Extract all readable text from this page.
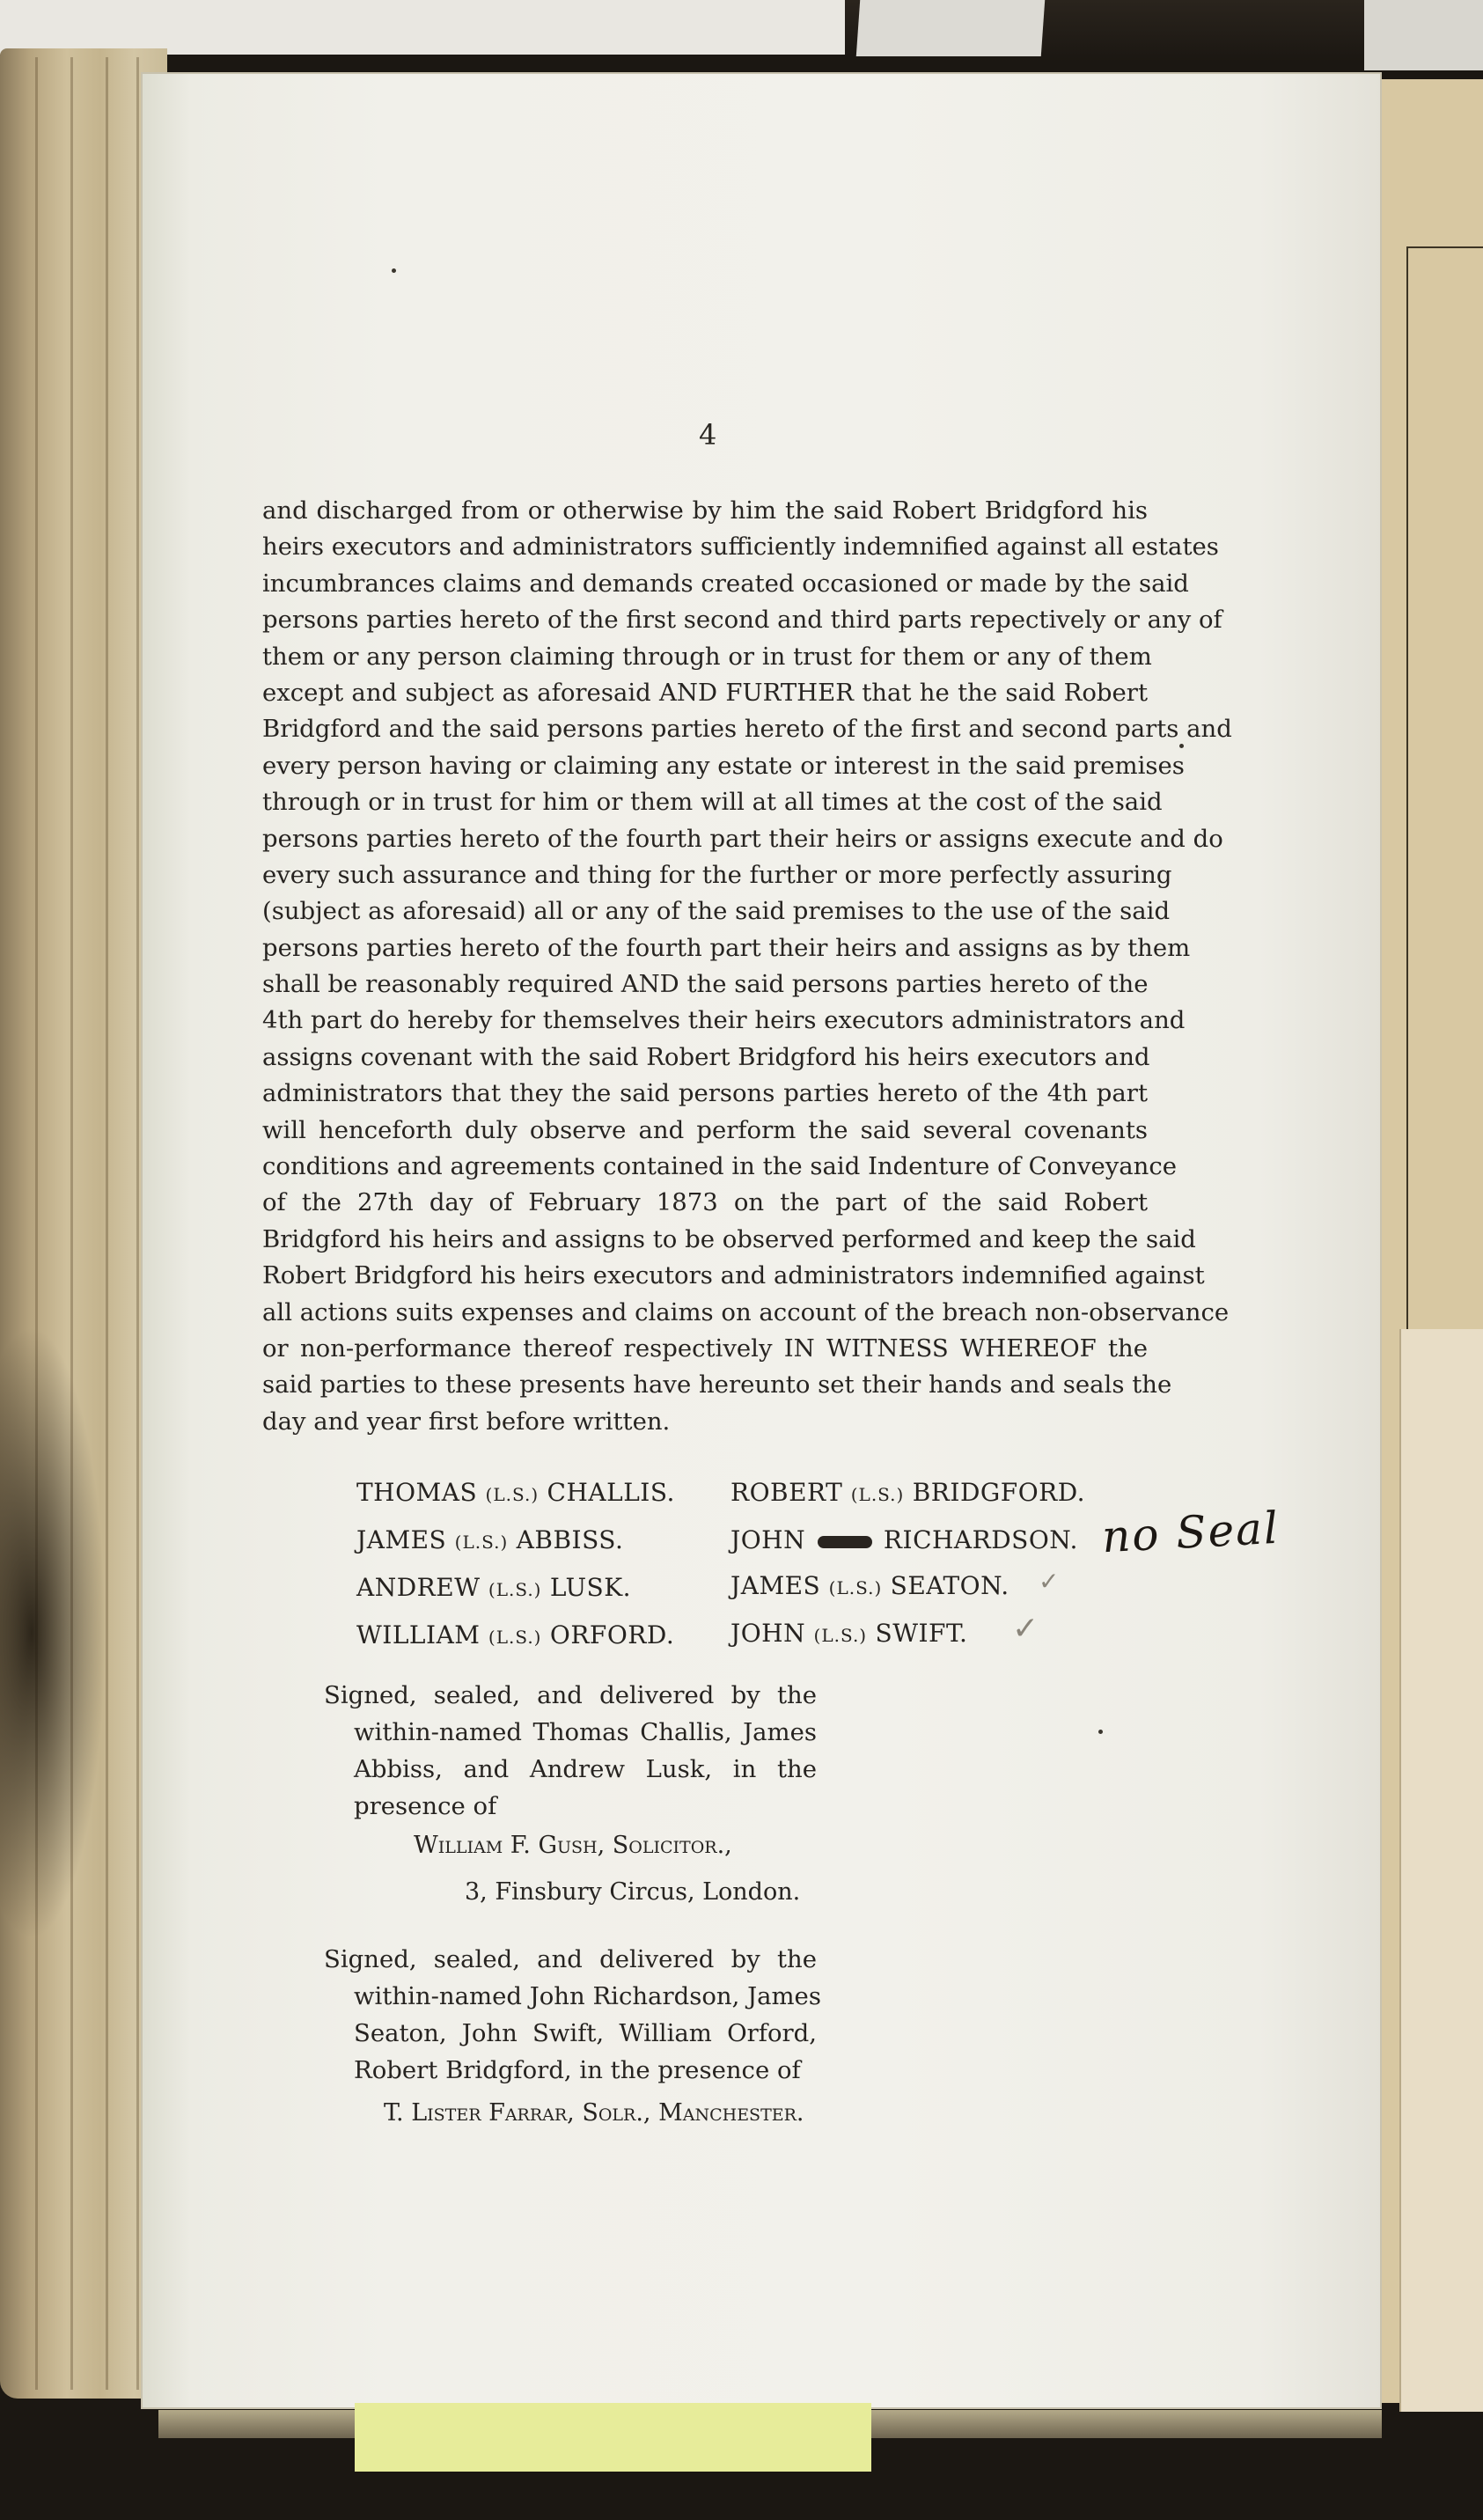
4
and discharged from or otherwise by him the said Robert Bridgford his
heirs executors and administrators sufficiently indemnified against all estates
incumbrances claims and demands created occasioned or made by the said
persons parties hereto of the first second and third parts repectively or any of
them or any person claiming through or in trust for them or any of them
except and subject as aforesaid AND FURTHER that he the said Robert
Bridgford and the said persons parties hereto of the first and second parts and
every person having or claiming any estate or interest in the said premises
through or in trust for him or them will at all times at the cost of the said
persons parties hereto of the fourth part their heirs or assigns execute and do
every such assurance and thing for the further or more perfectly assuring
(subject as aforesaid) all or any of the said premises to the use of the said
persons parties hereto of the fourth part their heirs and assigns as by them
shall be reasonably required AND the said persons parties hereto of the
4th part do hereby for themselves their heirs executors administrators and
assigns covenant with the said Robert Bridgford his heirs executors and
administrators that they the said persons parties hereto of the 4th part
will henceforth duly observe and perform the said several covenants
conditions and agreements contained in the said Indenture of Conveyance
of the 27th day of February 1873 on the part of the said Robert
Bridgford his heirs and assigns to be observed performed and keep the said
Robert Bridgford his heirs executors and administrators indemnified against
all actions suits expenses and claims on account of the breach non-observance
or non-performance thereof respectively IN WITNESS WHEREOF the
said parties to these presents have hereunto set their hands and seals the
day and year first before written.
THOMAS (L.S.) CHALLIS.
JAMES (L.S.) ABBISS.
ANDREW (L.S.) LUSK.
WILLIAM (L.S.) ORFORD.
ROBERT (L.S.) BRIDGFORD.
JOHN	RICHARDSON.
JAMES (L.S.) SEATON.
JOHN (L.S.) SWIFT.
no Seal
✓
✓
Signed, sealed, and delivered by the
within-named Thomas Challis, James
Abbiss, and Andrew Lusk, in the
presence of
William F. Gush, Solicitor.,
3, Finsbury Circus, London.
Signed, sealed, and delivered by the
within-named John Richardson, James
Seaton, John Swift, William Orford,
Robert Bridgford, in the presence of
T. Lister Farrar, Solr., Manchester.
